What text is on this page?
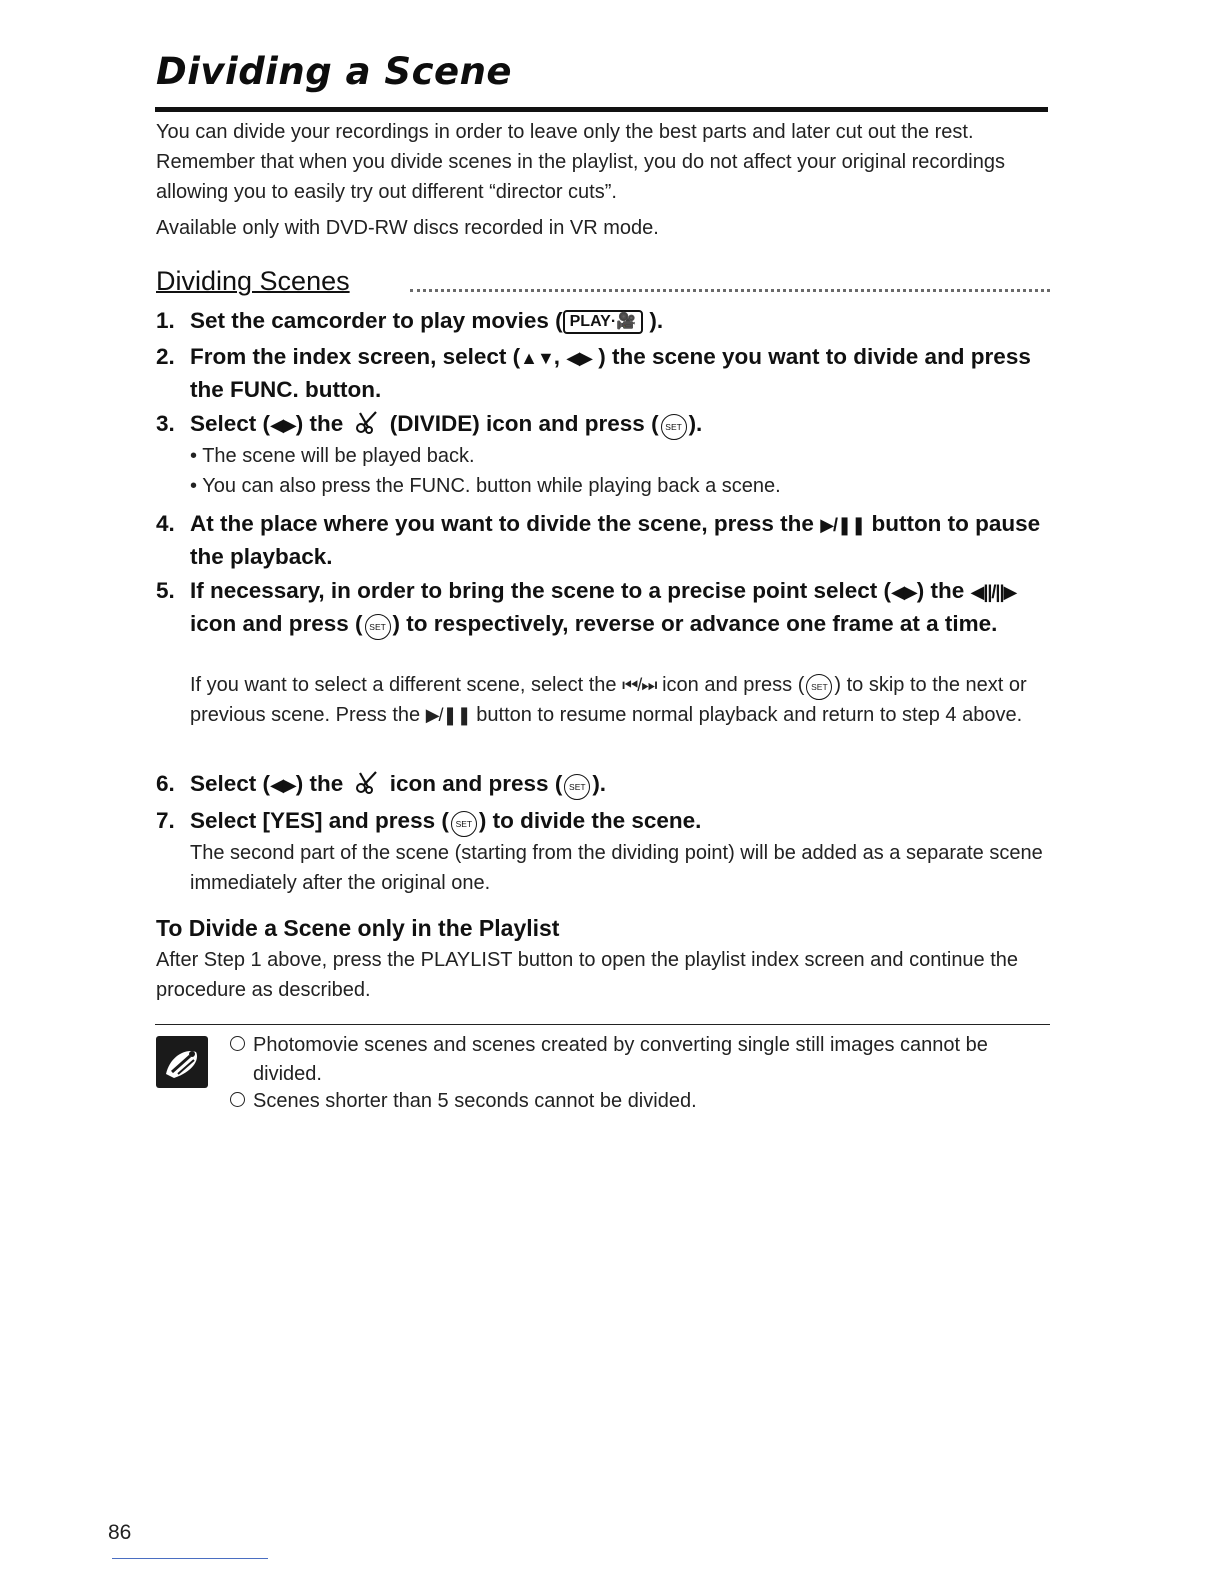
Dividing a Scene
You can divide your recordings in order to leave only the best parts and later cut out the rest. Remember that when you divide scenes in the playlist, you do not affect your original recordings allowing you to easily try out different “director cuts”.
Available only with DVD-RW discs recorded in VR mode.
Dividing Scenes
1. Set the camcorder to play movies ( PLAY·🎥 ).
2. From the index screen, select (▲▼, ◀▶ ) the scene you want to divide and press the FUNC. button.
3. Select (◀▶) the (DIVIDE) icon and press ( SET ).
• The scene will be played back.
• You can also press the FUNC. button while playing back a scene.
4. At the place where you want to divide the scene, press the ▶/❚❚ button to pause the playback.
5. If necessary, in order to bring the scene to a precise point select (◀▶) the ◀||/||▶ icon and press ( SET ) to respectively, reverse or advance one frame at a time.
If you want to select a different scene, select the ⏮/⏭ icon and press ( SET ) to skip to the next or previous scene. Press the ▶/❚❚ button to resume normal playback and return to step 4 above.
6. Select (◀▶) the icon and press ( SET ).
7. Select [YES] and press ( SET ) to divide the scene.
The second part of the scene (starting from the dividing point) will be added as a separate scene immediately after the original one.
To Divide a Scene only in the Playlist
After Step 1 above, press the PLAYLIST button to open the playlist index screen and continue the procedure as described.
Photomovie scenes and scenes created by converting single still images cannot be divided.
Scenes shorter than 5 seconds cannot be divided.
86
